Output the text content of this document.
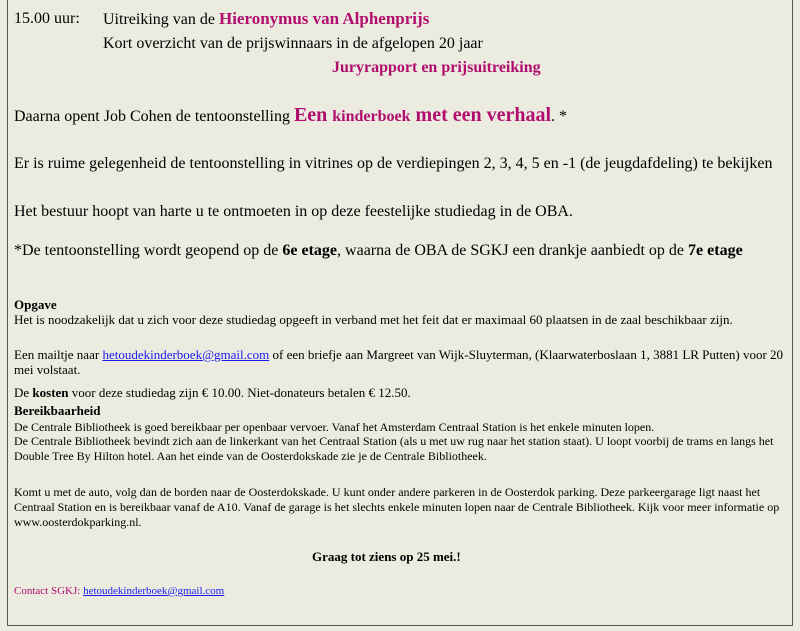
15.00 uur: Uitreiking van de Hieronymus van Alphenprijs
Kort overzicht van de prijswinnaars in de afgelopen 20 jaar
Juryrapport en prijsuitreiking
Daarna opent Job Cohen de tentoonstelling Een kinderboek met een verhaal. *
Er is ruime gelegenheid de tentoonstelling in vitrines op de verdiepingen 2, 3, 4, 5 en -1 (de jeugdafdeling) te bekijken
Het bestuur hoopt van harte u te ontmoeten in op deze feestelijke studiedag in de OBA.
*De tentoonstelling wordt geopend op de 6e etage, waarna de OBA de SGKJ een drankje aanbiedt op de 7e etage
Opgave
Het is noodzakelijk dat u zich voor deze studiedag opgeeft in verband met het feit dat er maximaal 60 plaatsen in de zaal beschikbaar zijn.
Een mailtje naar hetoudekinderboek@gmail.com of een briefje aan Margreet van Wijk-Sluyterman, (Klaarwaterboslaan 1, 3881 LR Putten) voor 20 mei volstaat.
De kosten voor deze studiedag zijn € 10.00. Niet-donateurs betalen € 12.50.
Bereikbaarheid
De Centrale Bibliotheek is goed bereikbaar per openbaar vervoer. Vanaf het Amsterdam Centraal Station is het enkele minuten lopen.
De Centrale Bibliotheek bevindt zich aan de linkerkant van het Centraal Station (als u met uw rug naar het station staat). U loopt voorbij de trams en langs het Double Tree By Hilton hotel. Aan het einde van de Oosterdokskade zie je de Centrale Bibliotheek.
Komt u met de auto, volg dan de borden naar de Oosterdokskade. U kunt onder andere parkeren in de Oosterdok parking. Deze parkeergarage ligt naast het Centraal Station en is bereikbaar vanaf de A10. Vanaf de garage is het slechts enkele minuten lopen naar de Centrale Bibliotheek. Kijk voor meer informatie op www.oosterdokparking.nl.
Graag tot ziens op 25 mei.!
Contact SGKJ: hetoudekinderboek@gmail.com
